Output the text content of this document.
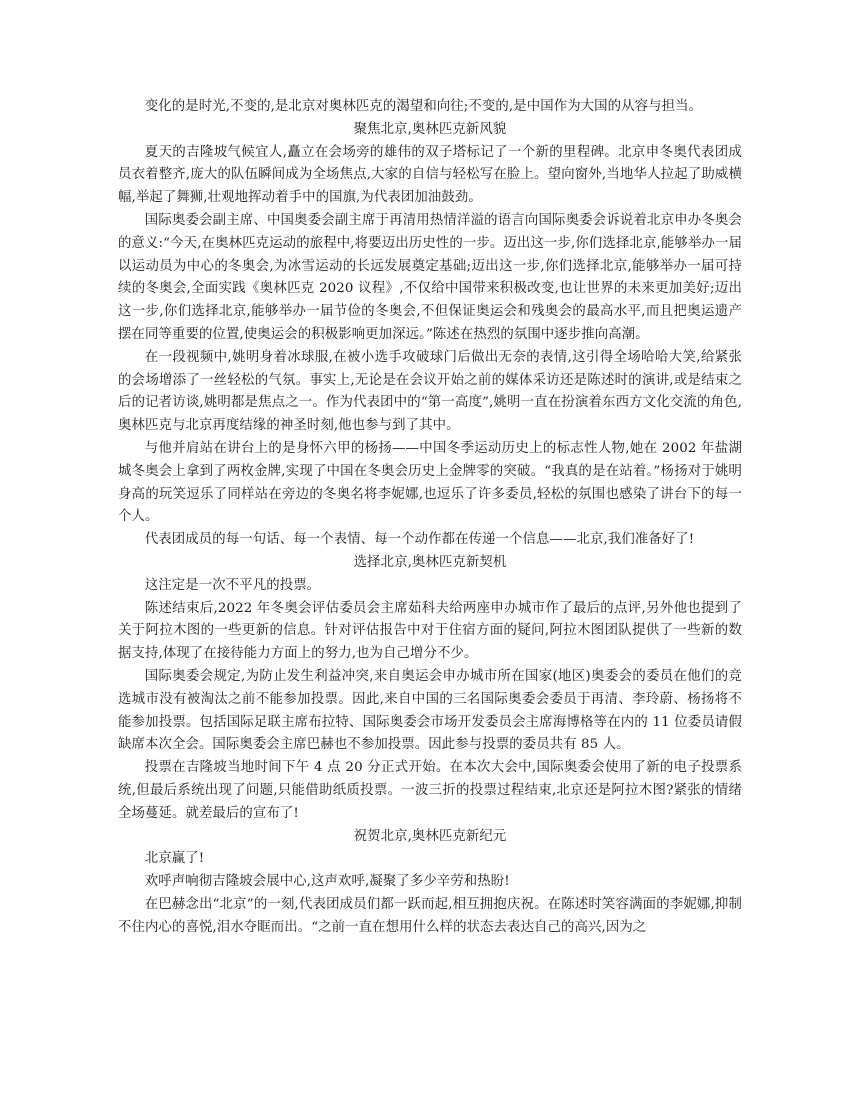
变化的是时光,不变的,是北京对奥林匹克的渴望和向往;不变的,是中国作为大国的从容与担当。

聚焦北京,奥林匹克新风貌

夏天的吉隆坡气候宜人,矗立在会场旁的雄伟的双子塔标记了一个新的里程碑。北京申冬奥代表团成员衣着整齐,庞大的队伍瞬间成为全场焦点,大家的自信与轻松写在脸上。望向窗外,当地华人拉起了助威横幅,举起了舞狮,壮观地挥动着手中的国旗,为代表团加油鼓劲。

国际奥委会副主席、中国奥委会副主席于再清用热情洋溢的语言向国际奥委会诉说着北京申办冬奥会的意义:“今天,在奥林匹克运动的旅程中,将要迈出历史性的一步。迈出这一步,你们选择北京,能够举办一届以运动员为中心的冬奥会,为冰雪运动的长远发展奠定基础;迈出这一步,你们选择北京,能够举办一届可持续的冬奥会,全面实践《奥林匹克 2020 议程》,不仅给中国带来积极改变,也让世界的未来更加美好;迈出这一步,你们选择北京,能够举办一届节俭的冬奥会,不但保证奥运会和残奥会的最高水平,而且把奥运遗产摆在同等重要的位置,使奥运会的积极影响更加深远。”陈述在热烈的氛围中逐步推向高潮。

在一段视频中,姚明身着冰球服,在被小选手攻破球门后做出无奈的表情,这引得全场哈哈大笑,给紧张的会场增添了一丝轻松的气氛。事实上,无论是在会议开始之前的媒体采访还是陈述时的演讲,或是结束之后的记者访谈,姚明都是焦点之一。作为代表团中的“第一高度”,姚明一直在扮演着东西方文化交流的角色,奥林匹克与北京再度结缘的神圣时刻,他也参与到了其中。

与他并肩站在讲台上的是身怀六甲的杨扬——中国冬季运动历史上的标志性人物,她在 2002 年盐湖城冬奥会上拿到了两枚金牌,实现了中国在冬奥会历史上金牌零的突破。“我真的是在站着。”杨扬对于姚明身高的玩笑逗乐了同样站在旁边的冬奥名将李妮娜,也逗乐了许多委员,轻松的氛围也感染了讲台下的每一个人。

代表团成员的每一句话、每一个表情、每一个动作都在传递一个信息——北京,我们准备好了!

选择北京,奥林匹克新契机

这注定是一次不平凡的投票。

陈述结束后,2022 年冬奥会评估委员会主席茹科夫给两座申办城市作了最后的点评,另外他也提到了关于阿拉木图的一些更新的信息。针对评估报告中对于住宿方面的疑问,阿拉木图团队提供了一些新的数据支持,体现了在接待能力方面上的努力,也为自己增分不少。

国际奥委会规定,为防止发生利益冲突,来自奥运会申办城市所在国家(地区)奥委会的委员在他们的竞选城市没有被淘汰之前不能参加投票。因此,来自中国的三名国际奥委会委员于再清、李玲蔚、杨扬将不能参加投票。包括国际足联主席布拉特、国际奥委会市场开发委员会主席海博格等在内的 11 位委员请假缺席本次全会。国际奥委会主席巴赫也不参加投票。因此参与投票的委员共有 85 人。

投票在吉隆坡当地时间下午 4 点 20 分正式开始。在本次大会中,国际奥委会使用了新的电子投票系统,但最后系统出现了问题,只能借助纸质投票。一波三折的投票过程结束,北京还是阿拉木图?紧张的情绪全场蔓延。就差最后的宣布了!

祝贺北京,奥林匹克新纪元

北京赢了!

欢呼声响彻吉隆坡会展中心,这声欢呼,凝聚了多少辛劳和热盼!

在巴赫念出“北京”的一刻,代表团成员们都一跃而起,相互拥抱庆祝。在陈述时笑容满面的李妮娜,抑制不住内心的喜悦,泪水夺眶而出。“之前一直在想用什么样的状态去表达自己的高兴,因为之
